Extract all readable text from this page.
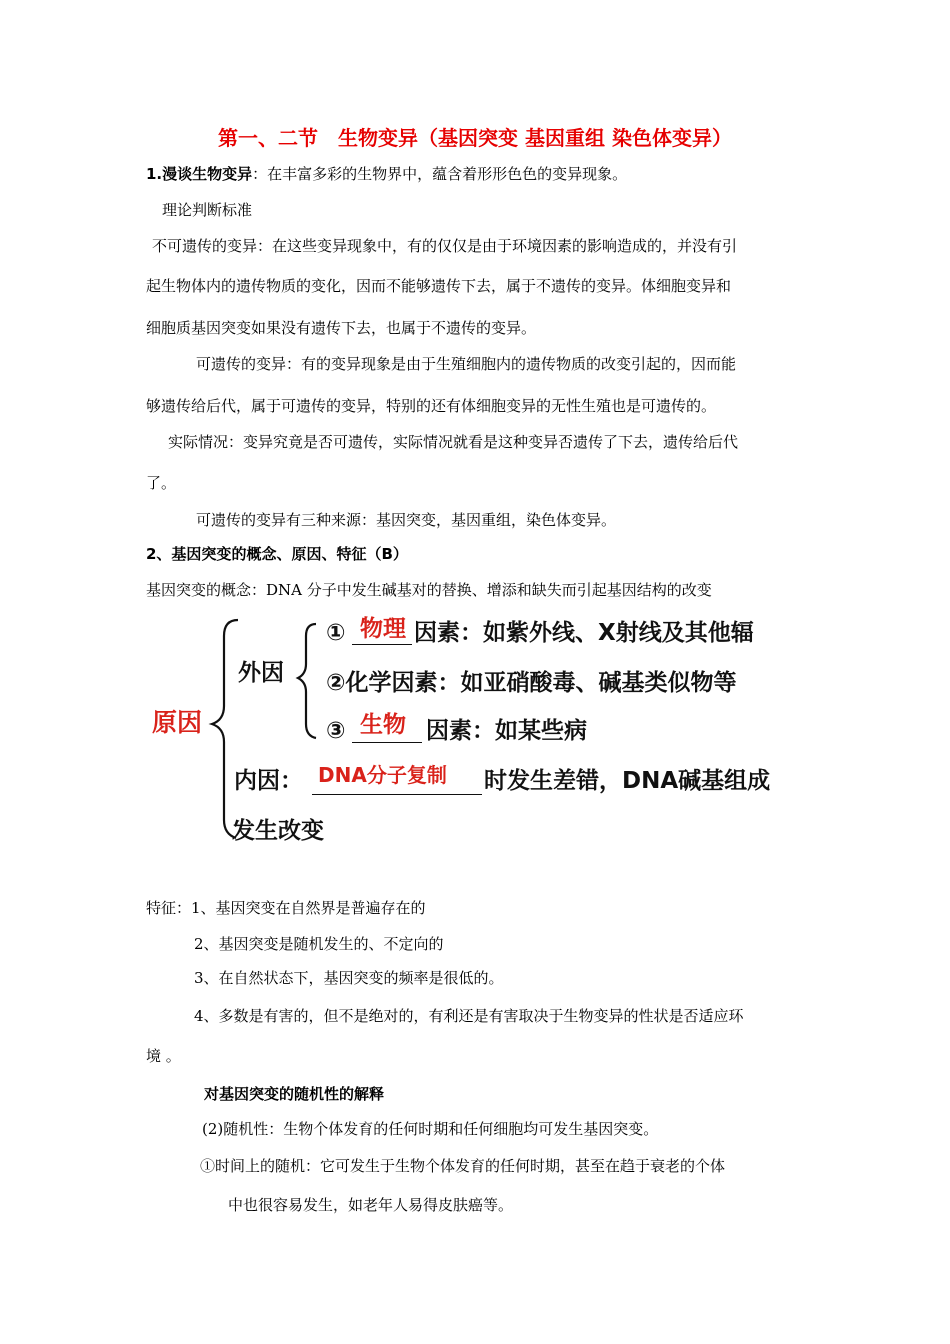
第一、二节　生物变异（基因突变 基因重组 染色体变异）
1.漫谈生物变异：在丰富多彩的生物界中，蕴含着形形色色的变异现象。
理论判断标准
不可遗传的变异：在这些变异现象中，有的仅仅是由于环境因素的影响造成的，并没有引
起生物体内的遗传物质的变化，因而不能够遗传下去，属于不遗传的变异。体细胞变异和
细胞质基因突变如果没有遗传下去，也属于不遗传的变异。
可遗传的变异：有的变异现象是由于生殖细胞内的遗传物质的改变引起的，因而能
够遗传给后代，属于可遗传的变异，特别的还有体细胞变异的无性生殖也是可遗传的。
实际情况：变异究竟是否可遗传，实际情况就看是这种变异否遗传了下去，遗传给后代
了。
可遗传的变异有三种来源：基因突变，基因重组，染色体变异。
2、基因突变的概念、原因、特征（B）
基因突变的概念：DNA 分子中发生碱基对的替换、增添和缺失而引起基因结构的改变
原因
外因
① 物理 因素：如紫外线、X射线及其他辐
②化学因素：如亚硝酸毒、碱基类似物等
③ 生物 因素：如某些病
内因： DNA分子复制 时发生差错，DNA碱基组成
发生改变
特征：1、基因突变在自然界是普遍存在的
2、基因突变是随机发生的、不定向的
3、在自然状态下，基因突变的频率是很低的。
4、多数是有害的，但不是绝对的，有利还是有害取决于生物变异的性状是否适应环
境 。
对基因突变的随机性的解释
(2)随机性：生物个体发育的任何时期和任何细胞均可发生基因突变。
①时间上的随机：它可发生于生物个体发育的任何时期，甚至在趋于衰老的个体
中也很容易发生，如老年人易得皮肤癌等。
